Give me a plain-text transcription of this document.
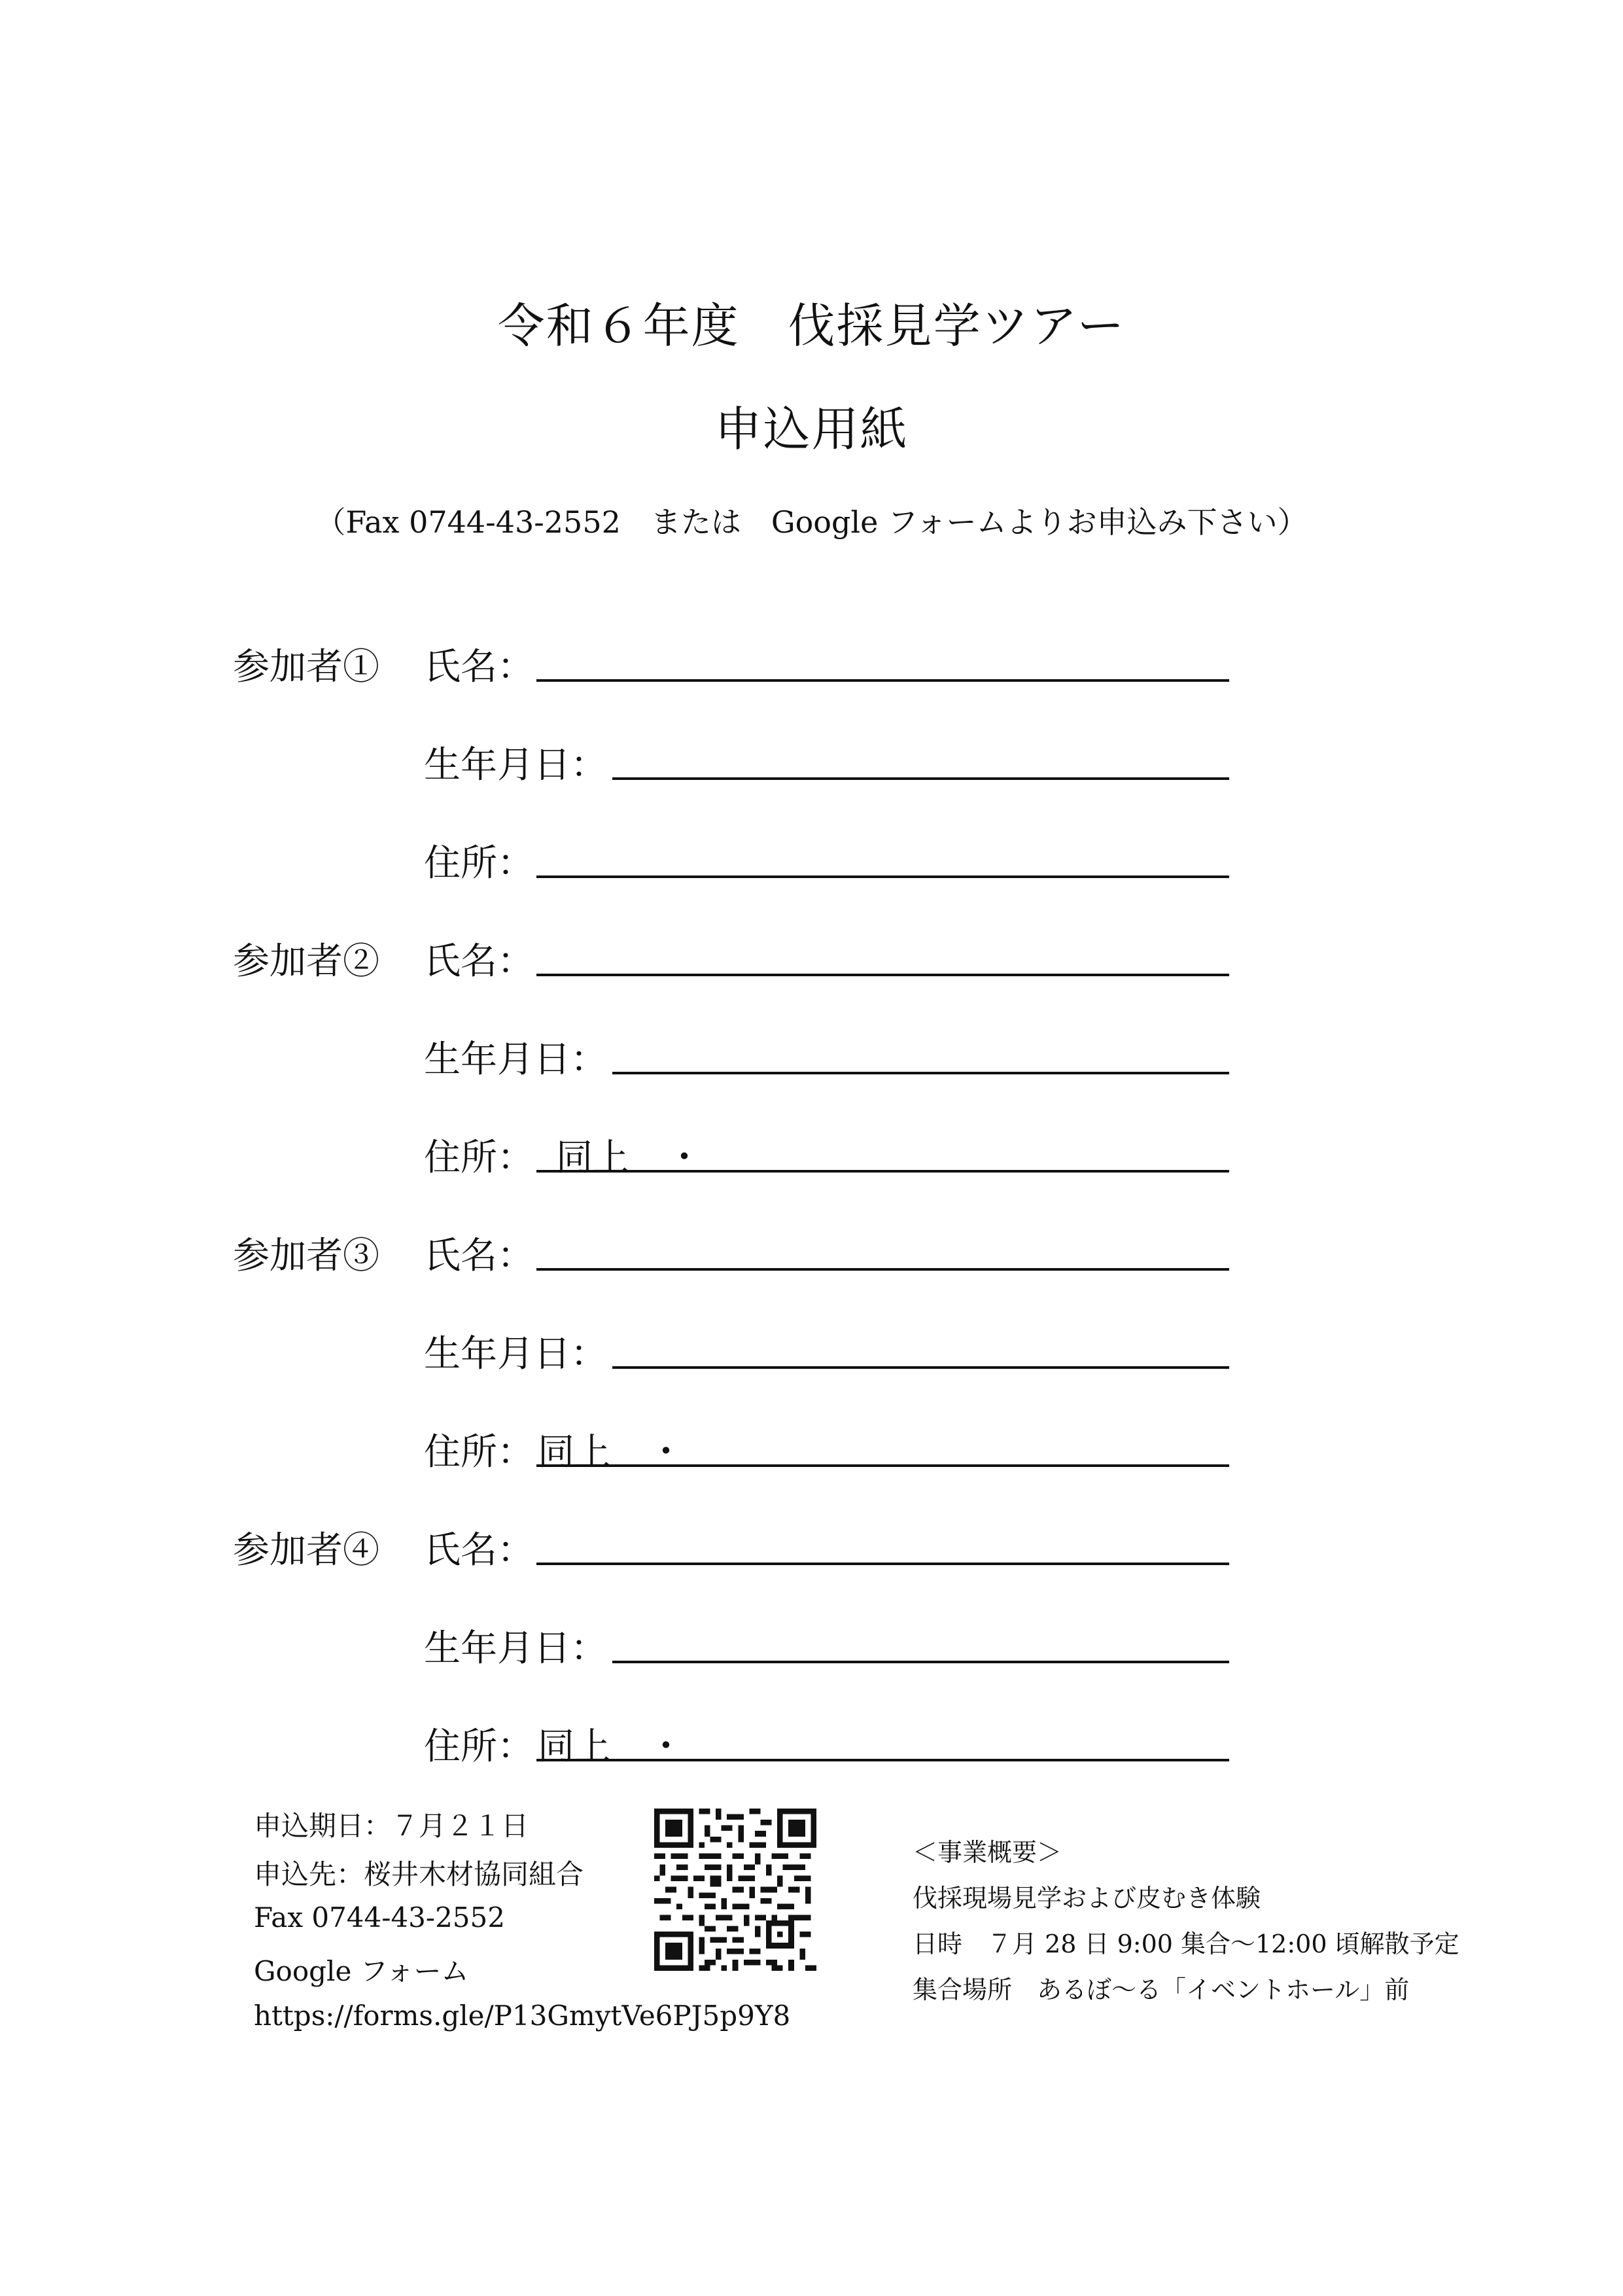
令和６年度　伐採見学ツアー
申込用紙
（Fax 0744-43-2552　または　Google フォームよりお申込み下さい）
参加者① 氏名：
生年月日：
住所：
参加者② 氏名：
生年月日：
住所： 同上　・
参加者③ 氏名：
生年月日：
住所： 同上　・
参加者④ 氏名：
生年月日：
住所： 同上　・
申込期日：７月２１日
申込先：桜井木材協同組合
Fax 0744-43-2552
Google フォーム
https://forms.gle/P13GmytVe6PJ5p9Y8
＜事業概要＞
伐採現場見学および皮むき体験
日時　７月 28 日 9:00 集合～12:00 頃解散予定
集合場所　あるぼ～る「イベントホール」前
